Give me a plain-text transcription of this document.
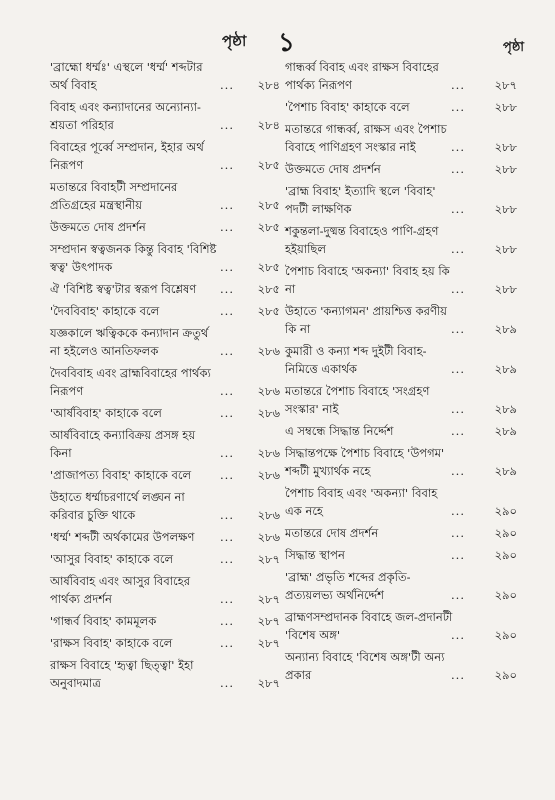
পৃষ্ঠা ১	পৃষ্ঠা
'ব্রাহ্মো ধর্ম্মঃ' এস্থলে 'ধর্ম্ম' শব্দটার অর্থ বিবাহ	...	২৮৪
বিবাহ এবং কন্যাদানের অন্যোন্যা-শ্রয়তা পরিহার	...	২৮৪
বিবাহের পূর্ব্বে সম্প্রদান, ইহার অর্থ নিরূপণ	...	২৮৫
মতান্তরে বিবাহটী সম্প্রদানের প্রতিগ্রহের মন্ত্রস্থানীয়	...	২৮৫
উক্তমতে দোষ প্রদর্শন	...	২৮৫
সম্প্রদান স্বত্বজনক কিন্তু বিবাহ 'বিশিষ্ট স্বত্ব' উৎপাদক	...	২৮৫
ঐ 'বিশিষ্ট স্বত্ব'টার স্বরূপ বিশ্লেষণ	...	২৮৫
'দৈববিবাহ' কাহাকে বলে	...	২৮৫
যজ্ঞকালে ঋত্বিককে কন্যাদান ক্রতুর্থ না হইলেও আনতিফলক	...	২৮৬
দৈববিবাহ এবং ব্রাহ্মবিবাহের পার্থক্য নিরূপণ	...	২৮৬
'আর্ষবিবাহ' কাহাকে বলে	...	২৮৬
আর্ষবিবাহে কন্যাবিক্রয় প্রসঙ্গ হয় কিনা	...	২৮৬
'প্রাজাপত্য বিবাহ' কাহাকে বলে	...	২৮৬
উহাতে ধর্ম্মাচরণার্থে লঙ্ঘন না করিবার চুক্তি থাকে	...	২৮৬
'ধর্ম্ম' শব্দটী অর্থকামের উপলক্ষণ	...	২৮৬
'আসুর বিবাহ' কাহাকে বলে	...	২৮৭
আর্ষবিবাহ এবং আসুর বিবাহের পার্থক্য প্রদর্শন	...	২৮৭
'গান্ধর্ব বিবাহ' কামমূলক	...	২৮৭
'রাক্ষস বিবাহ' কাহাকে বলে	...	২৮৭
রাক্ষস বিবাহে 'হৃত্বা ছিত্ত্বা' ইহা অনুবাদমাত্র	...	২৮৭
গান্ধর্ব্ব বিবাহ এবং রাক্ষস বিবাহের পার্থক্য নিরূপণ	...	২৮৭
'পৈশাচ বিবাহ' কাহাকে বলে	...	২৮৮
মতান্তরে গান্ধর্ব্ব, রাক্ষস এবং পৈশাচ বিবাহে পাণিগ্রহণ সংস্কার নাই	...	২৮৮
উক্তমতে দোষ প্রদর্শন	...	২৮৮
'ব্রাহ্ম বিবাহ' ইত্যাদি স্থলে 'বিবাহ' পদটী লাক্ষণিক	...	২৮৮
শকুন্তলা-দুষ্মন্ত বিবাহেও পাণি-গ্রহণ হইয়াছিল	...	২৮৮
পৈশাচ বিবাহে 'অকন্যা' বিবাহ হয় কি না	...	২৮৮
উহাতে 'কন্যাগমন' প্রায়শ্চিত্ত করণীয় কি না	...	২৮৯
কুমারী ও কন্যা শব্দ দুইটী বিবাহ-নিমিত্তে একার্থক	...	২৮৯
মতান্তরে পৈশাচ বিবাহে 'সংগ্ৰহণ সংস্কার' নাই	...	২৮৯
এ সম্বন্ধে সিদ্ধান্ত নির্দ্দেশ	...	২৮৯
সিদ্ধান্তপক্ষে পৈশাচ বিবাহে 'উপগম' শব্দটী মুখ্যার্থক নহে	...	২৮৯
পৈশাচ বিবাহ এবং 'অকন্যা' বিবাহ এক নহে	...	২৯০
মতান্তরে দোষ প্রদর্শন	...	২৯০
সিদ্ধান্ত স্থাপন	...	২৯০
'ব্রাহ্ম' প্রভৃতি শব্দের প্রকৃতি-প্রত্যয়লভ্য অর্থনির্দ্দেশ	...	২৯০
ব্রাহ্মণসম্প্রদানক বিবাহে জল-প্রদানটী 'বিশেষ অঙ্গ'	...	২৯০
অন্যান্য বিবাহে 'বিশেষ অঙ্গ'টী অন্য প্রকার	...	২৯০
